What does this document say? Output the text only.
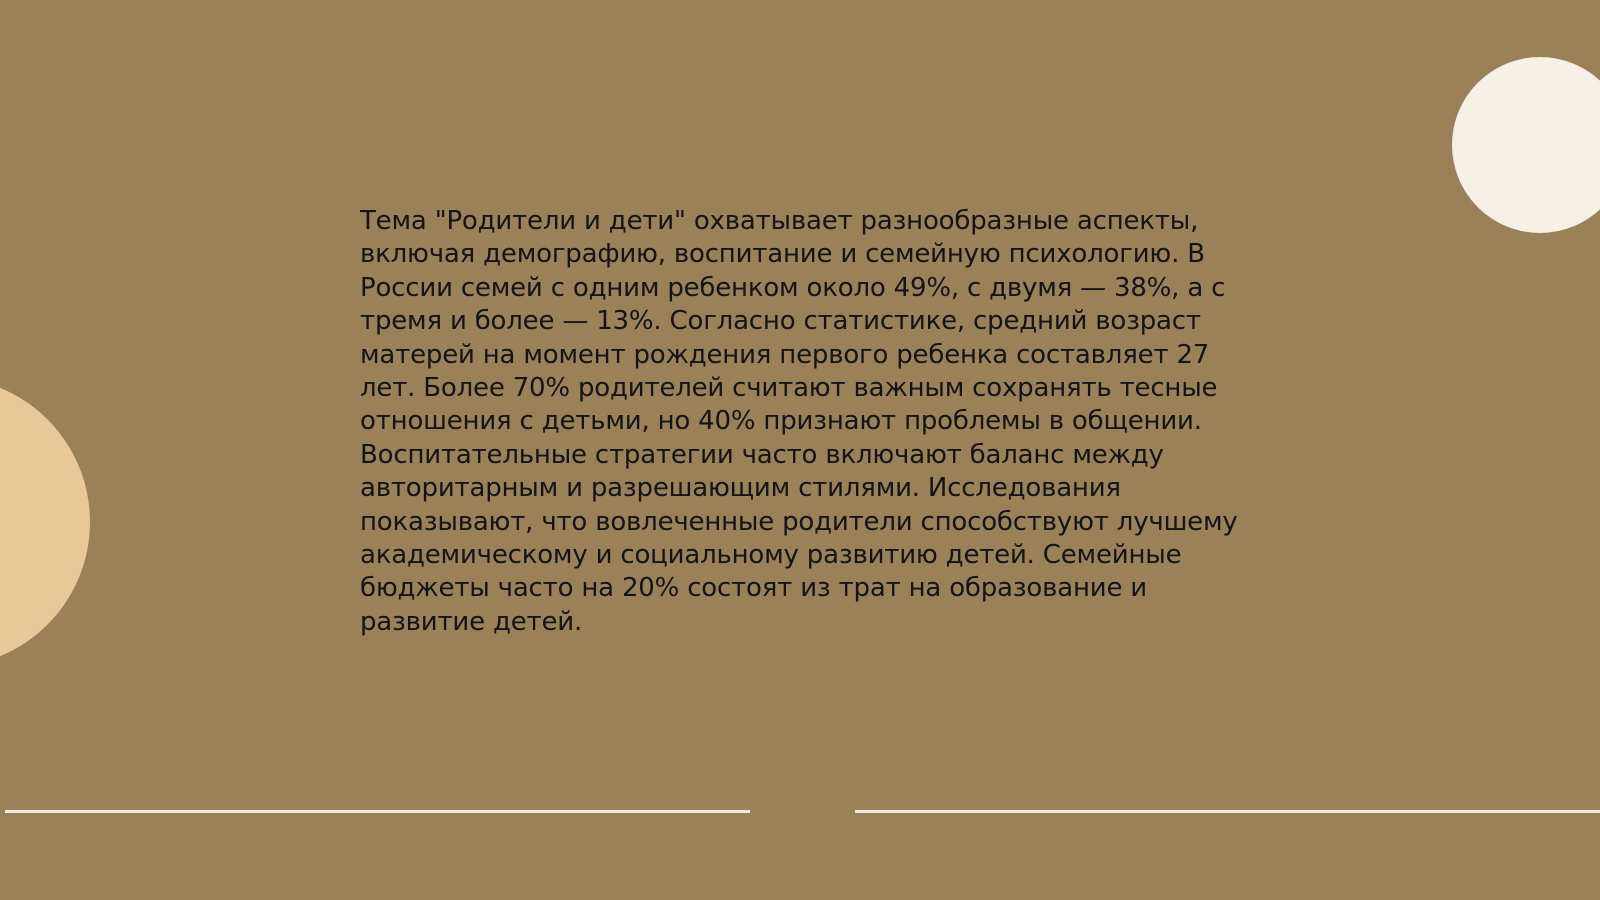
Тема "Родители и дети" охватывает разнообразные аспекты, включая демографию, воспитание и семейную психологию. В России семей с одним ребенком около 49%, с двумя — 38%, а с тремя и более — 13%. Согласно статистике, средний возраст матерей на момент рождения первого ребенка составляет 27 лет. Более 70% родителей считают важным сохранять тесные отношения с детьми, но 40% признают проблемы в общении. Воспитательные стратегии часто включают баланс между авторитарным и разрешающим стилями. Исследования показывают, что вовлеченные родители способствуют лучшему академическому и социальному развитию детей. Семейные бюджеты часто на 20% состоят из трат на образование и развитие детей.
